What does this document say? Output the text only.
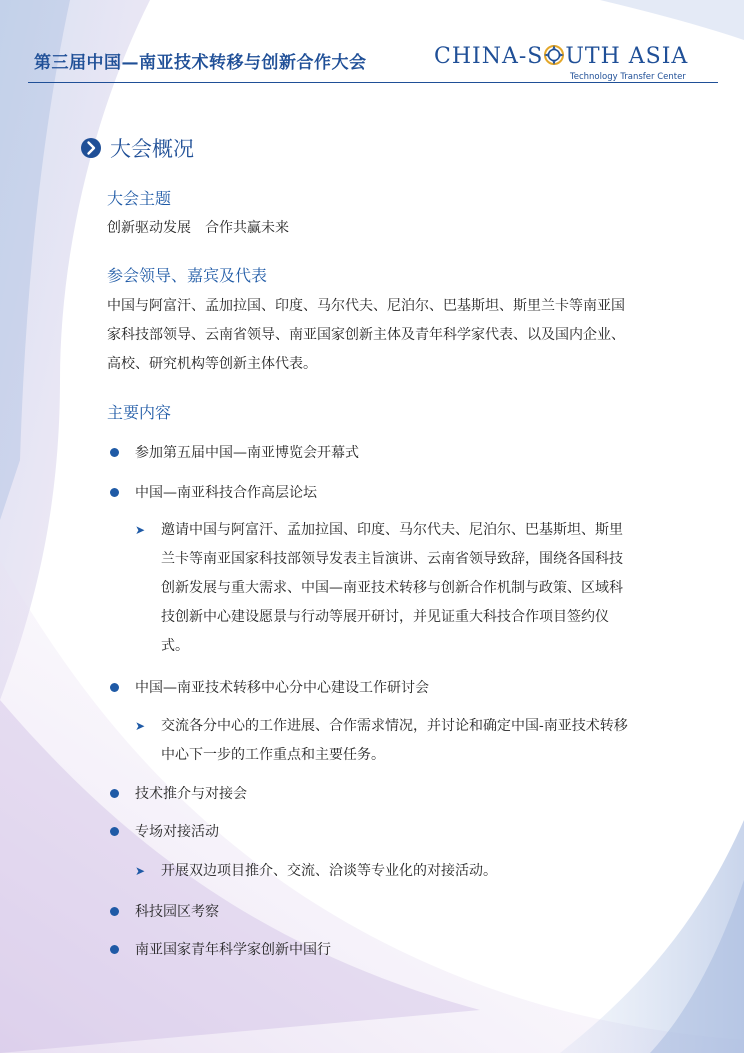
第三届中国—南亚技术转移与创新合作大会	CHINA-S UTH ASIA
Technology Transfer Center
大会概况
大会主题
创新驱动发展　合作共赢未来
参会领导、嘉宾及代表
中国与阿富汗、孟加拉国、印度、马尔代夫、尼泊尔、巴基斯坦、斯里兰卡等南亚国家科技部领导、云南省领导、南亚国家创新主体及青年科学家代表、以及国内企业、高校、研究机构等创新主体代表。
主要内容
参加第五届中国—南亚博览会开幕式
中国—南亚科技合作高层论坛
➤ 邀请中国与阿富汗、孟加拉国、印度、马尔代夫、尼泊尔、巴基斯坦、斯里兰卡等南亚国家科技部领导发表主旨演讲、云南省领导致辞，围绕各国科技创新发展与重大需求、中国—南亚技术转移与创新合作机制与政策、区域科技创新中心建设愿景与行动等展开研讨，并见证重大科技合作项目签约仪式。
中国—南亚技术转移中心分中心建设工作研讨会
➤ 交流各分中心的工作进展、合作需求情况，并讨论和确定中国-南亚技术转移中心下一步的工作重点和主要任务。
技术推介与对接会
专场对接活动
➤ 开展双边项目推介、交流、洽谈等专业化的对接活动。
科技园区考察
南亚国家青年科学家创新中国行
